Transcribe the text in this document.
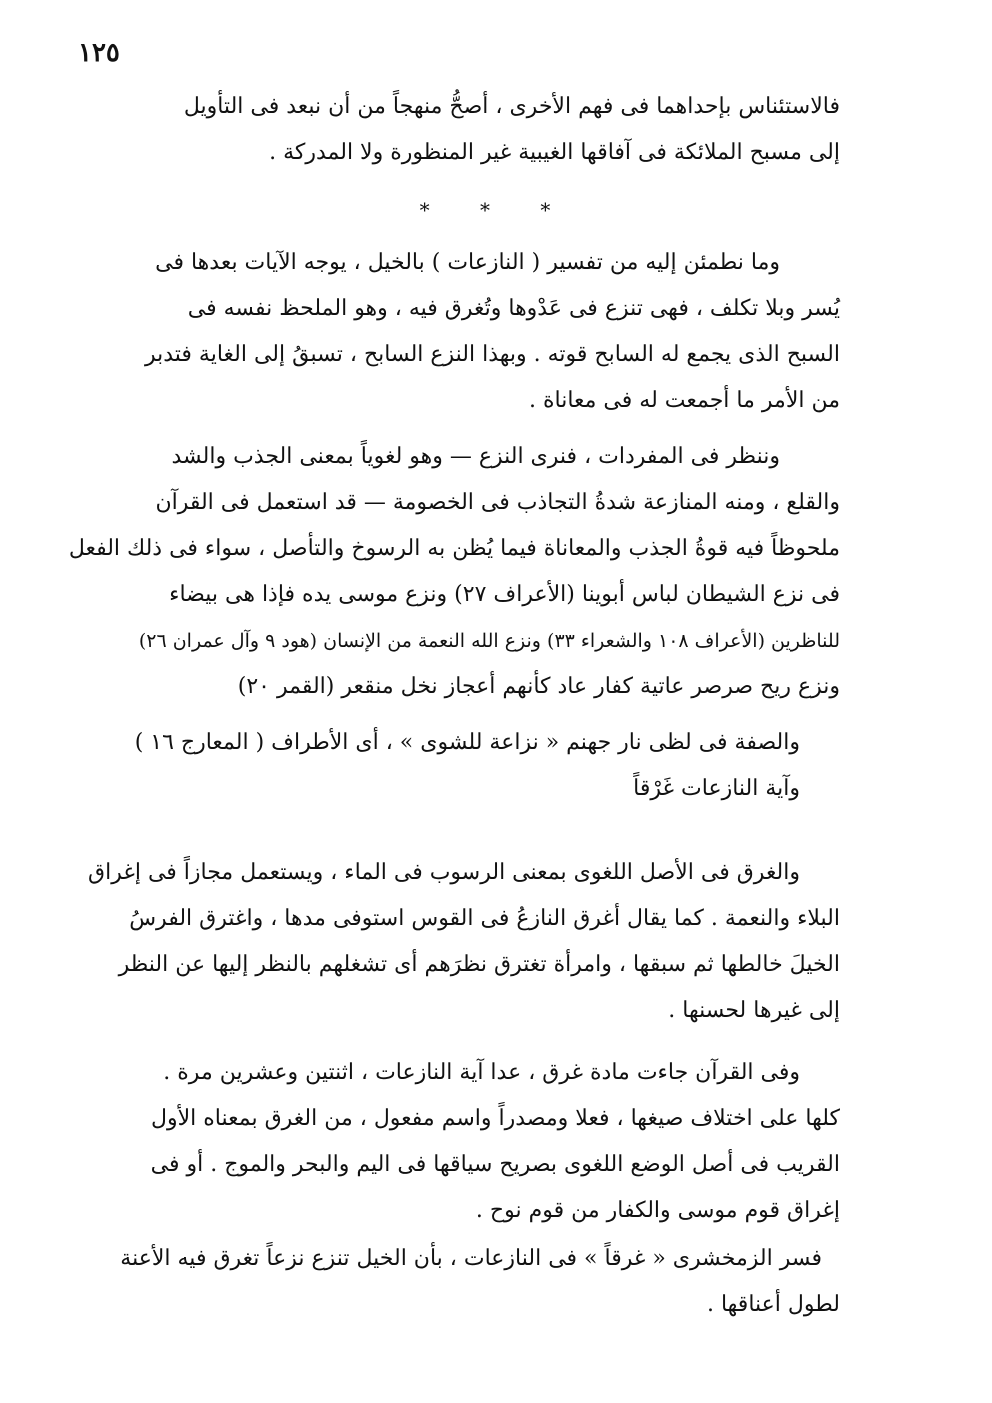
١٢٥
فالاستئناس بإحداهما فى فهم الأخرى ، أصحُّ منهجاً من أن نبعد فى التأويل
إلى مسبح الملائكة فى آفاقها الغيبية غير المنظورة ولا المدركة .
* * *
وما نطمئن إليه من تفسير ( النازعات ) بالخيل ، يوجه الآيات بعدها فى
يُسر وبلا تكلف ، فهى تنزع فى عَدْوها وتُغرق فيه ، وهو الملحظ نفسه فى
السبح الذى يجمع له السابح قوته . وبهذا النزع السابح ، تسبقُ إلى الغاية فتدبر
من الأمر ما أجمعت له فى معاناة .
وننظر فى المفردات ، فنرى النزع — وهو لغوياً بمعنى الجذب والشد
والقلع ، ومنه المنازعة شدةُ التجاذب فى الخصومة — قد استعمل فى القرآن
ملحوظاً فيه قوةُ الجذب والمعاناة فيما يُظن به الرسوخ والتأصل ، سواء فى ذلك الفعل
فى نزع الشيطان لباس أبوينا (الأعراف ٢٧) ونزع موسى يده فإذا هى بيضاء
للناظرين (الأعراف ١٠٨ والشعراء ٣٣) ونزع الله النعمة من الإنسان (هود ٩ وآل عمران ٢٦)
ونزع ريح صرصر عاتية كفار عاد كأنهم أعجاز نخل منقعر (القمر ٢٠)
والصفة فى لظى نار جهنم « نزاعة للشوى » ، أى الأطراف ( المعارج ١٦ )
وآية النازعات غَرْقاً
والغرق فى الأصل اللغوى بمعنى الرسوب فى الماء ، ويستعمل مجازاً فى إغراق
البلاء والنعمة . كما يقال أغرق النازعُ فى القوس استوفى مدها ، واغترق الفرسُ
الخيلَ خالطها ثم سبقها ، وامرأة تغترق نظرَهم أى تشغلهم بالنظر إليها عن النظر
إلى غيرها لحسنها .
وفى القرآن جاءت مادة غرق ، عدا آية النازعات ، اثنتين وعشرين مرة .
كلها على اختلاف صيغها ، فعلا ومصدراً واسم مفعول ، من الغرق بمعناه الأول
القريب فى أصل الوضع اللغوى بصريح سياقها فى اليم والبحر والموج . أو فى
إغراق قوم موسى والكفار من قوم نوح .
فسر الزمخشرى « غرقاً » فى النازعات ، بأن الخيل تنزع نزعاً تغرق فيه الأعنة
لطول أعناقها .
